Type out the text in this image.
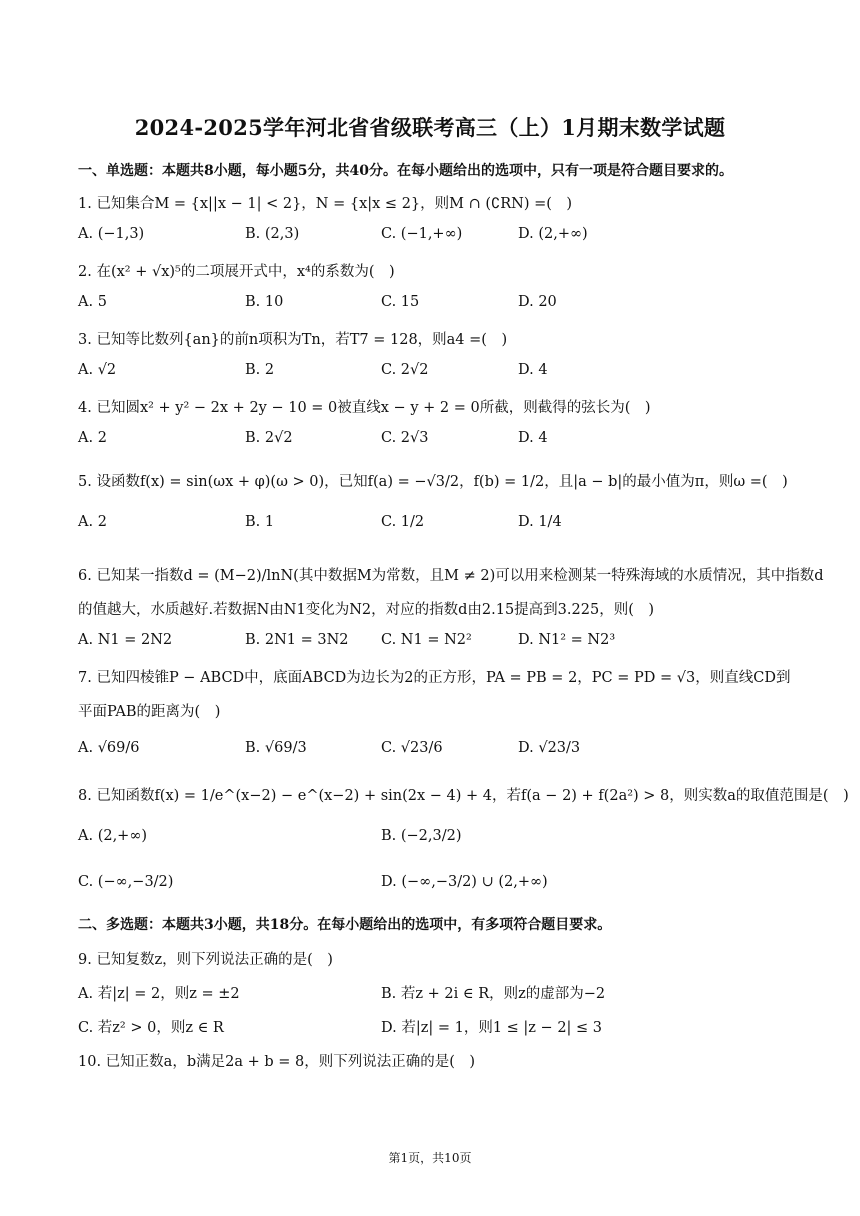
2024-2025学年河北省省级联考高三（上）1月期末数学试题
一、单选题：本题共8小题，每小题5分，共40分。在每小题给出的选项中，只有一项是符合题目要求的。
1. 已知集合M = {x||x − 1| < 2}，N = {x|x ≤ 2}，则M ∩ (∁RN) =(　)
A. (−1,3)	B. (2,3)	C. (−1,+∞)	D. (2,+∞)
2. 在(x² + √x)⁵的二项展开式中，x⁴的系数为(　)
A. 5	B. 10	C. 15	D. 20
3. 已知等比数列{an}的前n项积为Tn，若T7 = 128，则a4 =(　)
A. √2	B. 2	C. 2√2	D. 4
4. 已知圆x² + y² − 2x + 2y − 10 = 0被直线x − y + 2 = 0所截，则截得的弦长为(　)
A. 2	B. 2√2	C. 2√3	D. 4
5. 设函数f(x) = sin(ωx + φ)(ω > 0)，已知f(a) = −√3/2，f(b) = 1/2，且|a − b|的最小值为π，则ω =(　)
A. 2	B. 1	C. 1/2	D. 1/4
6. 已知某一指数d = (M−2)/lnN(其中数据M为常数，且M ≠ 2)可以用来检测某一特殊海域的水质情况，其中指数d
的值越大，水质越好.若数据N由N1变化为N2，对应的指数d由2.15提高到3.225，则(　)
A. N1 = 2N2	B. 2N1 = 3N2 C. N1 = N2²	D. N1² = N2³
7. 已知四棱锥P − ABCD中，底面ABCD为边长为2的正方形，PA = PB = 2，PC = PD = √3，则直线CD到
平面PAB的距离为(　)
A. √69/6	B. √69/3	C. √23/6	D. √23/3
8. 已知函数f(x) = 1/e^(x−2) − e^(x−2) + sin(2x − 4) + 4，若f(a − 2) + f(2a²) > 8，则实数a的取值范围是(　)
A. (2,+∞)	B. (−2,3/2)
C. (−∞,−3/2)	D. (−∞,−3/2) ∪ (2,+∞)
二、多选题：本题共3小题，共18分。在每小题给出的选项中，有多项符合题目要求。
9. 已知复数z，则下列说法正确的是(　)
A. 若|z| = 2，则z = ±2	B. 若z + 2i ∈ R，则z的虚部为−2
C. 若z² > 0，则z ∈ R	D. 若|z| = 1，则1 ≤ |z − 2| ≤ 3
10. 已知正数a，b满足2a + b = 8，则下列说法正确的是(　)
第1页，共10页
